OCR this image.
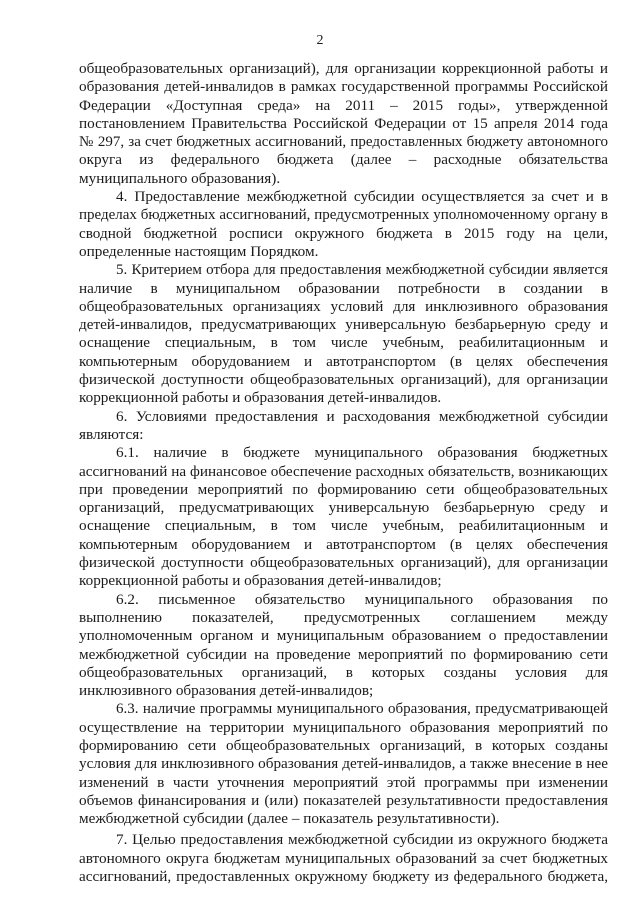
2
общеобразовательных организаций), для организации коррекционной работы и
образования детей-инвалидов в рамках государственной программы Российской
Федерации «Доступная среда» на 2011 – 2015 годы», утвержденной
постановлением Правительства Российской Федерации от 15 апреля 2014 года
№ 297, за счет бюджетных ассигнований, предоставленных бюджету автономного
округа из федерального бюджета (далее – расходные обязательства
муниципального образования).
4. Предоставление межбюджетной субсидии осуществляется за счет и в
пределах бюджетных ассигнований, предусмотренных уполномоченному органу в
сводной бюджетной росписи окружного бюджета в 2015 году на цели,
определенные настоящим Порядком.
5. Критерием отбора для предоставления межбюджетной субсидии является
наличие в муниципальном образовании потребности в создании в
общеобразовательных организациях условий для инклюзивного образования
детей-инвалидов, предусматривающих универсальную безбарьерную среду и
оснащение специальным, в том числе учебным, реабилитационным и
компьютерным оборудованием и автотранспортом (в целях обеспечения
физической доступности общеобразовательных организаций), для организации
коррекционной работы и образования детей-инвалидов.
6. Условиями предоставления и расходования межбюджетной субсидии
являются:
6.1. наличие в бюджете муниципального образования бюджетных
ассигнований на финансовое обеспечение расходных обязательств, возникающих
при проведении мероприятий по формированию сети общеобразовательных
организаций, предусматривающих универсальную безбарьерную среду и
оснащение специальным, в том числе учебным, реабилитационным и
компьютерным оборудованием и автотранспортом (в целях обеспечения
физической доступности общеобразовательных организаций), для организации
коррекционной работы и образования детей-инвалидов;
6.2. письменное обязательство муниципального образования по
выполнению показателей, предусмотренных соглашением между
уполномоченным органом и муниципальным образованием о предоставлении
межбюджетной субсидии на проведение мероприятий по формированию сети
общеобразовательных организаций, в которых созданы условия для
инклюзивного образования детей-инвалидов;
6.3. наличие программы муниципального образования, предусматривающей
осуществление на территории муниципального образования мероприятий по
формированию сети общеобразовательных организаций, в которых созданы
условия для инклюзивного образования детей-инвалидов, а также внесение в нее
изменений в части уточнения мероприятий этой программы при изменении
объемов финансирования и (или) показателей результативности предоставления
межбюджетной субсидии (далее – показатель результативности).
7. Целью предоставления межбюджетной субсидии из окружного бюджета
автономного округа бюджетам муниципальных образований за счет бюджетных
ассигнований, предоставленных окружному бюджету из федерального бюджета,
